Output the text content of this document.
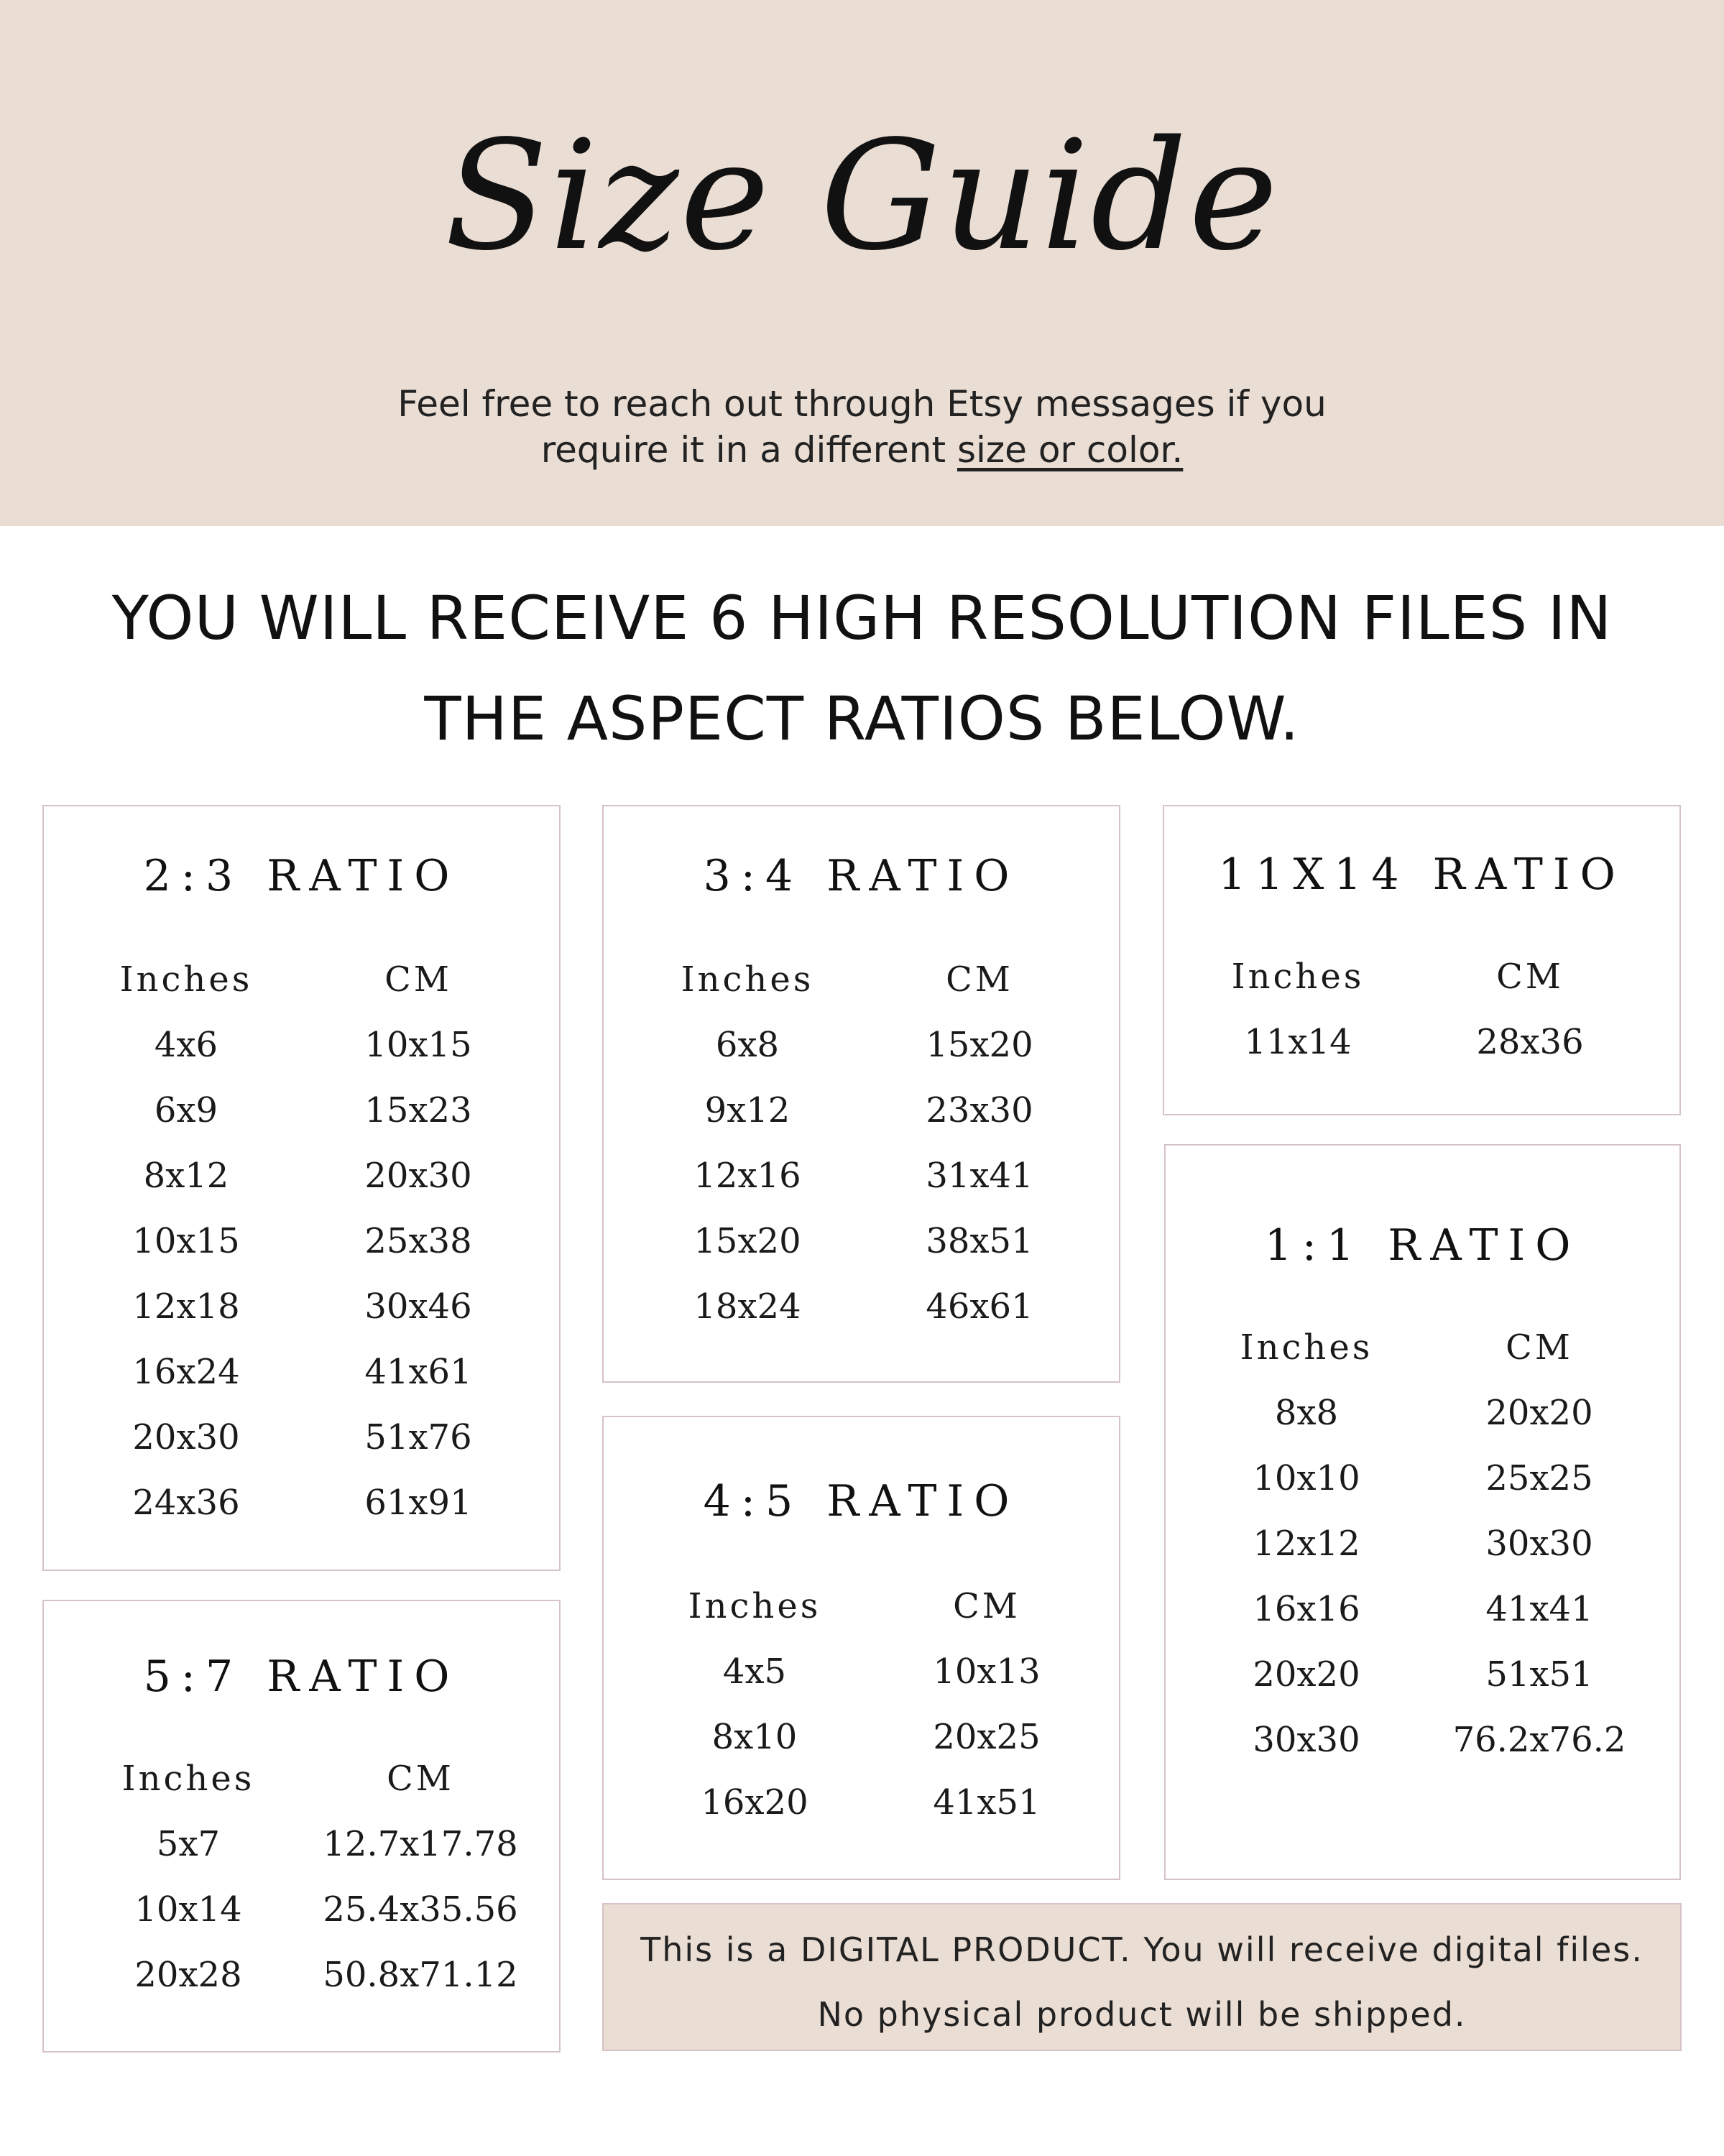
Size Guide
Feel free to reach out through Etsy messages if you
require it in a different size or color.
YOU WILL RECEIVE 6 HIGH RESOLUTION FILES IN
THE ASPECT RATIOS BELOW.
2:3 RATIO
Inches
4x6
6x9
8x12
10x15
12x18
16x24
20x30
24x36
CM
10x15
15x23
20x30
25x38
30x46
41x61
51x76
61x91
3:4 RATIO
Inches
6x8
9x12
12x16
15x20
18x24
CM
15x20
23x30
31x41
38x51
46x61
11X14 RATIO
Inches
11x14
CM
28x36
1:1 RATIO
Inches
8x8
10x10
12x12
16x16
20x20
30x30
CM
20x20
25x25
30x30
41x41
51x51
76.2x76.2
4:5 RATIO
Inches
4x5
8x10
16x20
CM
10x13
20x25
41x51
5:7 RATIO
Inches
5x7
10x14
20x28
CM
12.7x17.78
25.4x35.56
50.8x71.12
This is a DIGITAL PRODUCT. You will receive digital files.
No physical product will be shipped.
